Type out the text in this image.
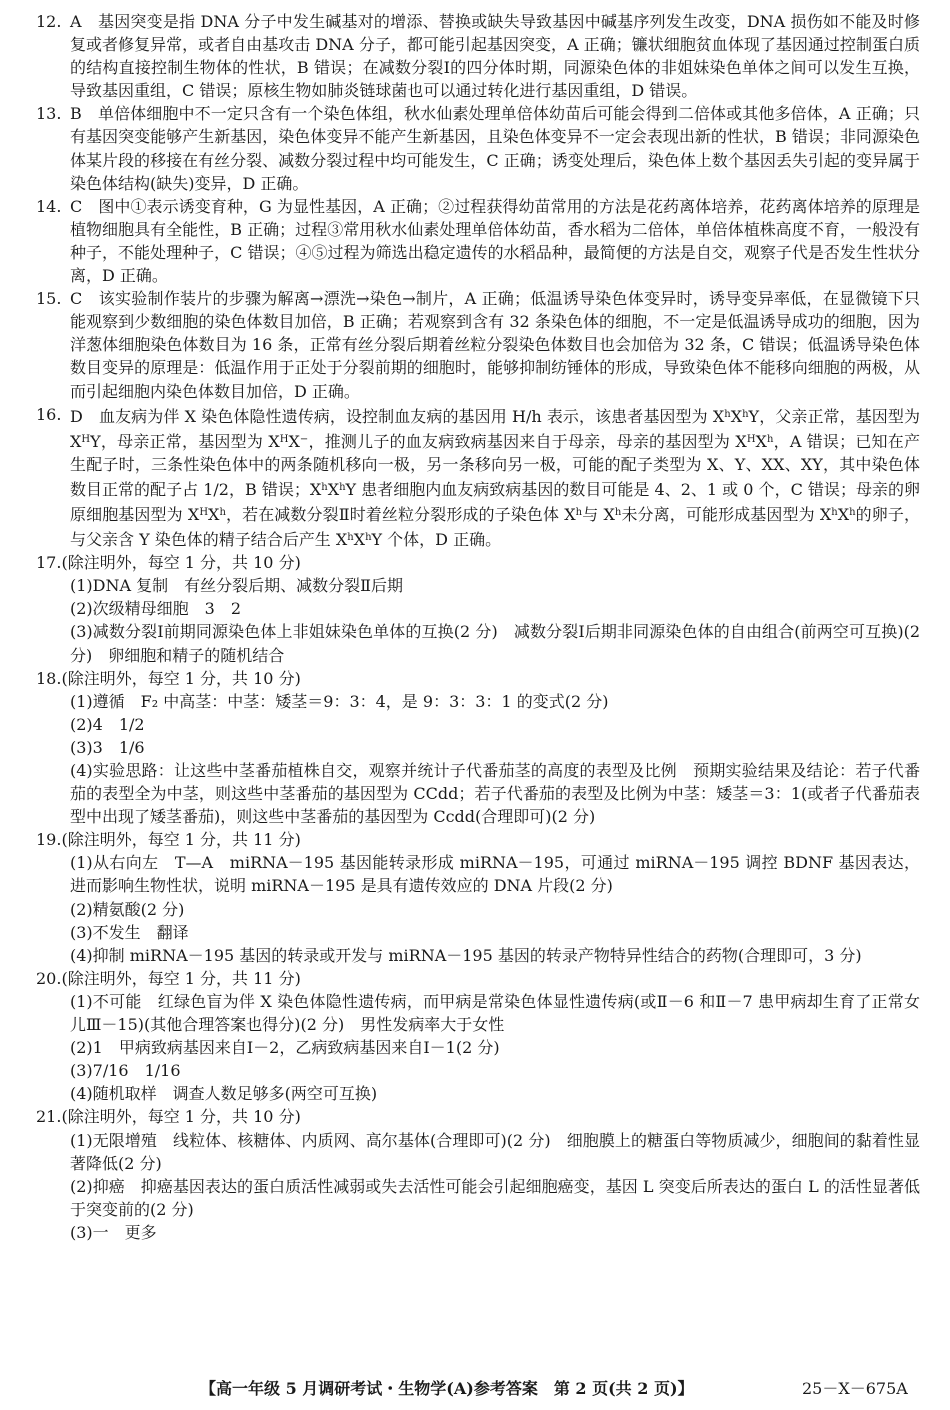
12. A　基因突变是指 DNA 分子中发生碱基对的增添、替换或缺失导致基因中碱基序列发生改变，DNA 损伤如不能及时修复或者修复异常，或者自由基攻击 DNA 分子，都可能引起基因突变，A 正确；镰状细胞贫血体现了基因通过控制蛋白质的结构直接控制生物体的性状，B 错误；在减数分裂Ⅰ的四分体时期，同源染色体的非姐妹染色单体之间可以发生互换，导致基因重组，C 错误；原核生物如肺炎链球菌也可以通过转化进行基因重组，D 错误。

13. B　单倍体细胞中不一定只含有一个染色体组，秋水仙素处理单倍体幼苗后可能会得到二倍体或其他多倍体，A 正确；只有基因突变能够产生新基因，染色体变异不能产生新基因，且染色体变异不一定会表现出新的性状，B 错误；非同源染色体某片段的移接在有丝分裂、减数分裂过程中均可能发生，C 正确；诱变处理后，染色体上数个基因丢失引起的变异属于染色体结构(缺失)变异，D 正确。

14. C　图中①表示诱变育种，G 为显性基因，A 正确；②过程获得幼苗常用的方法是花药离体培养，花药离体培养的原理是植物细胞具有全能性，B 正确；过程③常用秋水仙素处理单倍体幼苗，香水稻为二倍体，单倍体植株高度不育，一般没有种子，不能处理种子，C 错误；④⑤过程为筛选出稳定遗传的水稻品种，最简便的方法是自交，观察子代是否发生性状分离，D 正确。

15. C　该实验制作装片的步骤为解离→漂洗→染色→制片，A 正确；低温诱导染色体变异时，诱导变异率低，在显微镜下只能观察到少数细胞的染色体数目加倍，B 正确；若观察到含有 32 条染色体的细胞，不一定是低温诱导成功的细胞，因为洋葱体细胞染色体数目为 16 条，正常有丝分裂后期着丝粒分裂染色体数目也会加倍为 32 条，C 错误；低温诱导染色体数目变异的原理是：低温作用于正处于分裂前期的细胞时，能够抑制纺锤体的形成，导致染色体不能移向细胞的两极，从而引起细胞内染色体数目加倍，D 正确。

16. D　血友病为伴 X 染色体隐性遗传病，设控制血友病的基因用 H/h 表示，该患者基因型为 $X^hX^hY$，父亲正常，基因型为$X^HY$，母亲正常，基因型为 $X^HX^-$，推测儿子的血友病致病基因来自于母亲，母亲的基因型为 $X^HX^h$，A 错误；已知在产生配子时，三条性染色体中的两条随机移向一极，另一条移向另一极，可能的配子类型为 X、Y、XX、XY，其中染色体数目正常的配子占 1/2，B 错误；$X^hX^hY$ 患者细胞内血友病致病基因的数目可能是 4、2、1 或 0 个，C 错误；母亲的卵原细胞基因型为 $X^HX^h$，若在减数分裂Ⅱ时着丝粒分裂形成的子染色体 $X^h$与 $X^h$未分离，可能形成基因型为 $X^hX^h$的卵子，与父亲含 Y 染色体的精子结合后产生 $X^hX^hY$ 个体，D 正确。

17.(除注明外，每空 1 分，共 10 分)

(1)DNA 复制　有丝分裂后期、减数分裂Ⅱ后期

(2)次级精母细胞　3　2

(3)减数分裂Ⅰ前期同源染色体上非姐妹染色单体的互换(2 分)　减数分裂Ⅰ后期非同源染色体的自由组合(前两空可互换)(2 分)　卵细胞和精子的随机结合

18.(除注明外，每空 1 分，共 10 分)

(1)遵循　F₂ 中高茎：中茎：矮茎＝9：3：4，是 9：3：3：1 的变式(2 分)

(2)4　1/2

(3)3　1/6

(4)实验思路：让这些中茎番茄植株自交，观察并统计子代番茄茎的高度的表型及比例　预期实验结果及结论：若子代番茄的表型全为中茎，则这些中茎番茄的基因型为 CCdd；若子代番茄的表型及比例为中茎：矮茎＝3：1(或者子代番茄表型中出现了矮茎番茄)，则这些中茎番茄的基因型为 Ccdd(合理即可)(2 分)

19.(除注明外，每空 1 分，共 11 分)

(1)从右向左　T—A　miRNA－195 基因能转录形成 miRNA－195，可通过 miRNA－195 调控 BDNF 基因表达，进而影响生物性状，说明 miRNA－195 是具有遗传效应的 DNA 片段(2 分)

(2)精氨酸(2 分)

(3)不发生　翻译

(4)抑制 miRNA－195 基因的转录或开发与 miRNA－195 基因的转录产物特异性结合的药物(合理即可，3 分)

20.(除注明外，每空 1 分，共 11 分)

(1)不可能　红绿色盲为伴 X 染色体隐性遗传病，而甲病是常染色体显性遗传病(或Ⅱ－6 和Ⅱ－7 患甲病却生育了正常女儿Ⅲ－15)(其他合理答案也得分)(2 分)　男性发病率大于女性

(2)1　甲病致病基因来自Ⅰ－2，乙病致病基因来自Ⅰ－1(2 分)

(3)7/16　1/16

(4)随机取样　调查人数足够多(两空可互换)

21.(除注明外，每空 1 分，共 10 分)

(1)无限增殖　线粒体、核糖体、内质网、高尔基体(合理即可)(2 分)　细胞膜上的糖蛋白等物质减少，细胞间的黏着性显著降低(2 分)

(2)抑癌　抑癌基因表达的蛋白质活性减弱或失去活性可能会引起细胞癌变，基因 L 突变后所表达的蛋白 L 的活性显著低于突变前的(2 分)

(3)一　更多

【高一年级 5 月调研考试・生物学(A)参考答案　第 2 页(共 2 页)】	25－X－675A
